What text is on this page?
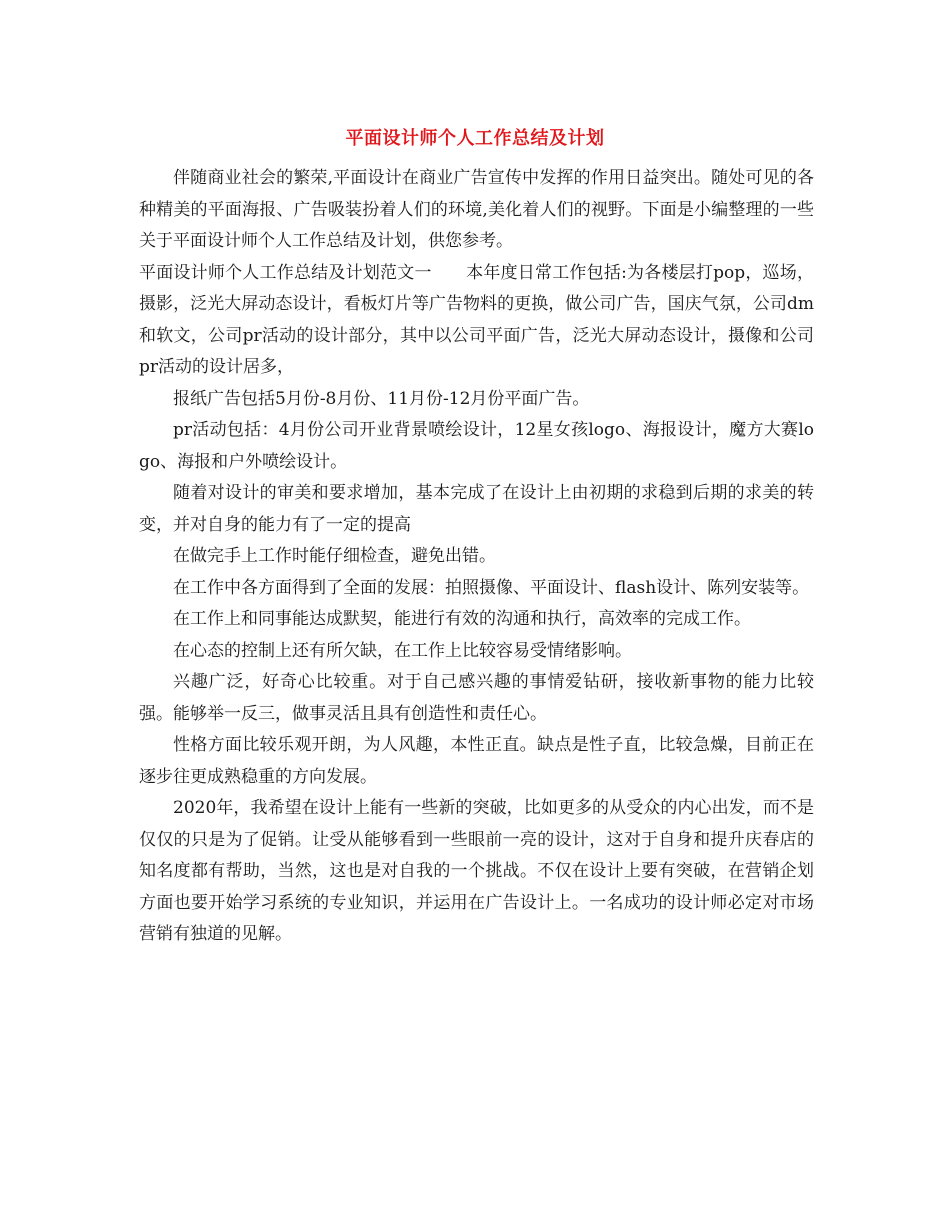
平面设计师个人工作总结及计划

伴随商业社会的繁荣,平面设计在商业广告宣传中发挥的作用日益突出。随处可见的各种精美的平面海报、广告吸装扮着人们的环境,美化着人们的视野。下面是小编整理的一些关于平面设计师个人工作总结及计划，供您参考。

平面设计师个人工作总结及计划范文一　　本年度日常工作包括:为各楼层打pop，巡场，摄影，泛光大屏动态设计，看板灯片等广告物料的更换，做公司广告，国庆气氛，公司dm和软文，公司pr活动的设计部分，其中以公司平面广告，泛光大屏动态设计，摄像和公司pr活动的设计居多，

报纸广告包括5月份-8月份、11月份-12月份平面广告。

pr活动包括：4月份公司开业背景喷绘设计，12星女孩logo、海报设计，魔方大赛logo、海报和户外喷绘设计。

随着对设计的审美和要求增加，基本完成了在设计上由初期的求稳到后期的求美的转变，并对自身的能力有了一定的提高

在做完手上工作时能仔细检查，避免出错。

在工作中各方面得到了全面的发展：拍照摄像、平面设计、flash设计、陈列安装等。

在工作上和同事能达成默契，能进行有效的沟通和执行，高效率的完成工作。

在心态的控制上还有所欠缺，在工作上比较容易受情绪影响。

兴趣广泛，好奇心比较重。对于自己感兴趣的事情爱钻研，接收新事物的能力比较强。能够举一反三，做事灵活且具有创造性和责任心。

性格方面比较乐观开朗，为人风趣，本性正直。缺点是性子直，比较急燥，目前正在逐步往更成熟稳重的方向发展。

2020年，我希望在设计上能有一些新的突破，比如更多的从受众的内心出发，而不是仅仅的只是为了促销。让受从能够看到一些眼前一亮的设计，这对于自身和提升庆春店的知名度都有帮助，当然，这也是对自我的一个挑战。不仅在设计上要有突破，在营销企划方面也要开始学习系统的专业知识，并运用在广告设计上。一名成功的设计师必定对市场营销有独道的见解。
